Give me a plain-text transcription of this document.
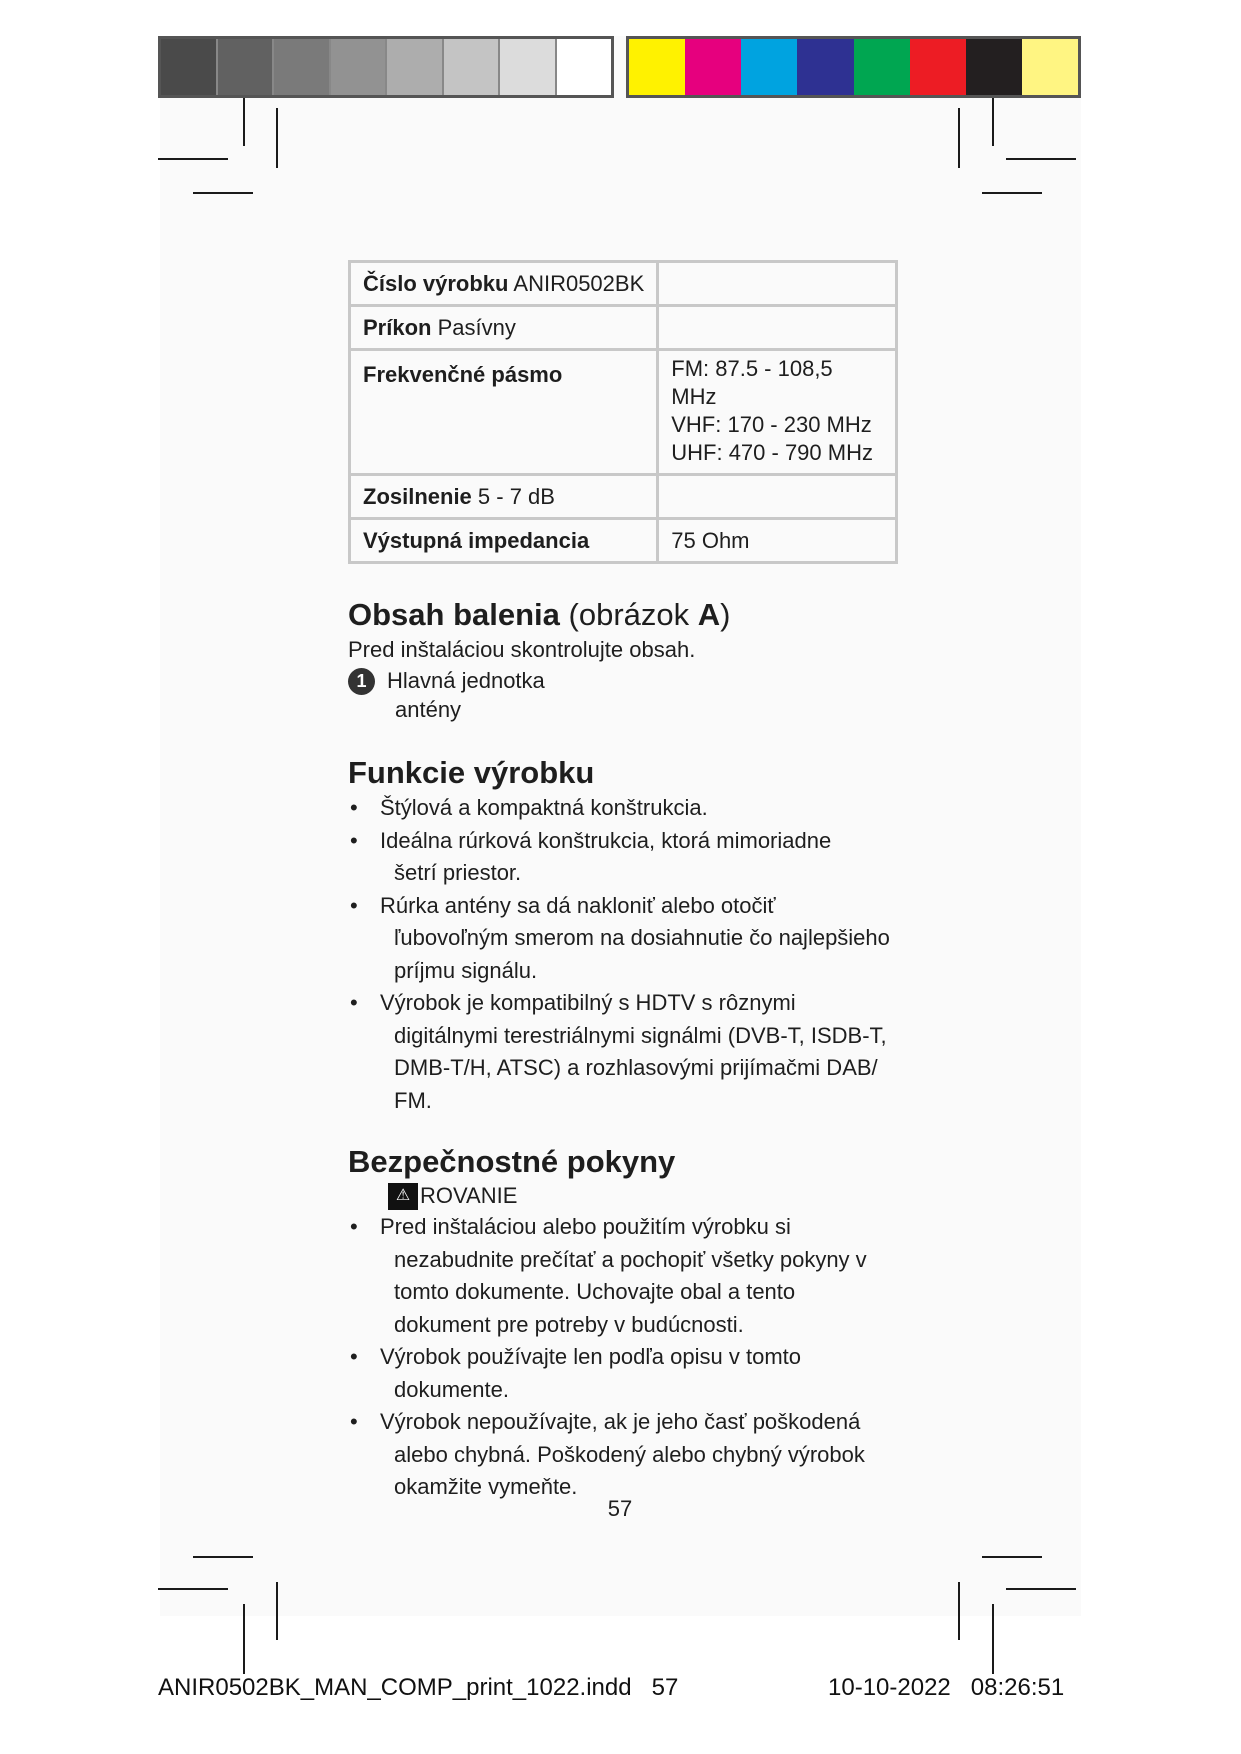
Číslo výrobku ANIR0502BK	
Príkon Pasívny	
Frekvenčné pásmo	FM: 87.5 - 108,5 MHz
VHF: 170 - 230 MHz
UHF: 470 - 790 MHz

Zosilnenie 5 - 7 dB	
Výstupná impedancia	75 Ohm
Obsah balenia (obrázok A)

Pred inštaláciou skontrolujte obsah.

1 Hlavná jednotka
antény
Funkcie výrobku
• Štýlová a kompaktná konštrukcia.
• Ideálna rúrková konštrukcia, ktorá mimoriadne
šetrí priestor.
• Rúrka antény sa dá nakloniť alebo otočiť
ľubovoľným smerom na dosiahnutie čo najlepšieho
príjmu signálu.
• Výrobok je kompatibilný s HDTV s rôznymi
digitálnymi terestriálnymi signálmi (DVB-T, ISDB-T,
DMB-T/H, ATSC) a rozhlasovými prijímačmi DAB/
FM.
Bezpečnostné pokyny
⚠ ROVANIE
• Pred inštaláciou alebo použitím výrobku si
nezabudnite prečítať a pochopiť všetky pokyny v
tomto dokumente. Uchovajte obal a tento
dokument pre potreby v budúcnosti.
• Výrobok používajte len podľa opisu v tomto
dokumente.
• Výrobok nepoužívajte, ak je jeho časť poškodená
alebo chybná. Poškodený alebo chybný výrobok
okamžite vymeňte.
57
ANIR0502BK_MAN_COMP_print_1022.indd 57	10-10-2022 08:26:51
